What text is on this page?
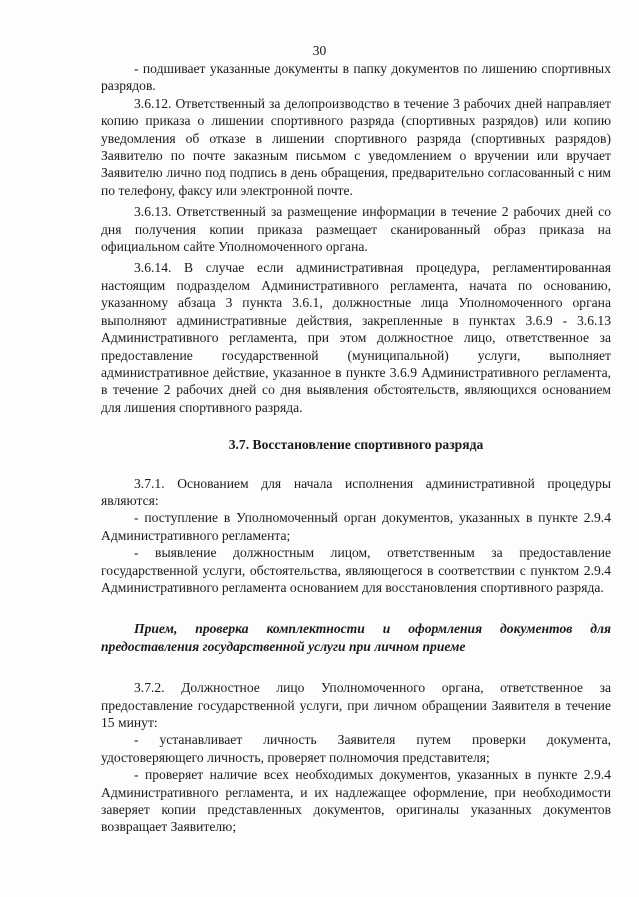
30

- подшивает указанные документы в папку документов по лишению спортивных разрядов.

3.6.12. Ответственный за делопроизводство в течение 3 рабочих дней направляет копию приказа о лишении спортивного разряда (спортивных разрядов) или копию уведомления об отказе в лишении спортивного разряда (спортивных разрядов) Заявителю по почте заказным письмом с уведомлением о вручении или вручает Заявителю лично под подпись в день обращения, предварительно согласованный с ним по телефону, факсу или электронной почте.

3.6.13. Ответственный за размещение информации в течение 2 рабочих дней со дня получения копии приказа размещает сканированный образ приказа на официальном сайте Уполномоченного органа.

3.6.14. В случае если административная процедура, регламентированная настоящим подразделом Административного регламента, начата по основанию, указанному абзаца 3 пункта 3.6.1, должностные лица Уполномоченного органа выполняют административные действия, закрепленные в пунктах 3.6.9 - 3.6.13 Административного регламента, при этом должностное лицо, ответственное за предоставление государственной (муниципальной) услуги, выполняет административное действие, указанное в пункте 3.6.9 Административного регламента, в течение 2 рабочих дней со дня выявления обстоятельств, являющихся основанием для лишения спортивного разряда.

3.7. Восстановление спортивного разряда

3.7.1. Основанием для начала исполнения административной процедуры являются:

- поступление в Уполномоченный орган документов, указанных в пункте 2.9.4 Административного регламента;

- выявление должностным лицом, ответственным за предоставление государственной услуги, обстоятельства, являющегося в соответствии с пунктом 2.9.4 Административного регламента основанием для восстановления спортивного разряда.

Прием, проверка комплектности и оформления документов для предоставления государственной услуги при личном приеме

3.7.2. Должностное лицо Уполномоченного органа, ответственное за предоставление государственной услуги, при личном обращении Заявителя в течение 15 минут:

- устанавливает личность Заявителя путем проверки документа, удостоверяющего личность, проверяет полномочия представителя;

- проверяет наличие всех необходимых документов, указанных в пункте 2.9.4 Административного регламента, и их надлежащее оформление, при необходимости заверяет копии представленных документов, оригиналы указанных документов возвращает Заявителю;
